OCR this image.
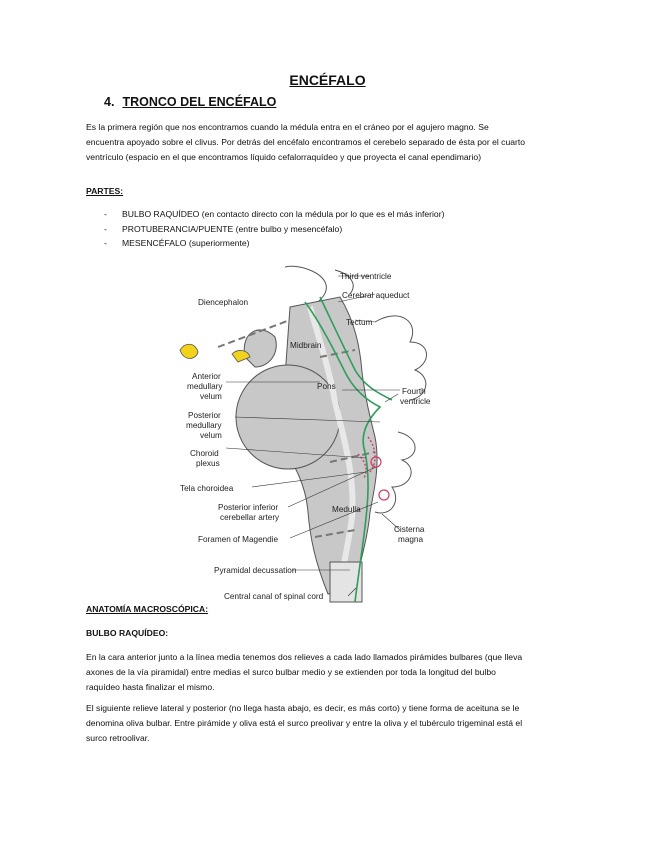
ENCÉFALO
4. TRONCO DEL ENCÉFALO
Es la primera región que nos encontramos cuando la médula entra en el cráneo por el agujero magno. Se encuentra apoyado sobre el clivus. Por detrás del encéfalo encontramos el cerebelo separado de ésta por el cuarto ventrículo (espacio en el que encontramos líquido cefalorraquídeo y que proyecta el canal ependimario)
PARTES:
- BULBO RAQUÍDEO (en contacto directo con la médula por lo que es el más inferior)
- PROTUBERANCIA/PUENTE (entre bulbo y mesencéfalo)
- MESENCÉFALO (superiormente)
Third ventricle
Cerebral aqueduct
Diencephalon
Tectum
Midbrain
Anterior
medullary
velum
Pons
Fourth
ventricle
Posterior
medullary
velum
Choroid
plexus
Tela choroidea
Posterior inferior
cerebellar artery
Medulla
Cisterna
magna
Foramen of Magendie
Pyramidal decussation
Central canal of spinal cord
ANATOMÍA MACROSCÓPICA:
BULBO RAQUÍDEO:
En la cara anterior junto a la línea media tenemos dos relieves a cada lado llamados pirámides bulbares (que lleva axones de la vía piramidal) entre medias el surco bulbar medio y se extienden por toda la longitud del bulbo raquídeo hasta finalizar el mismo.
El siguiente relieve lateral y posterior (no llega hasta abajo, es decir, es más corto) y tiene forma de aceituna se le denomina oliva bulbar. Entre pirámide y oliva está el surco preolivar y entre la oliva y el tubérculo trigeminal está el surco retroolivar.
